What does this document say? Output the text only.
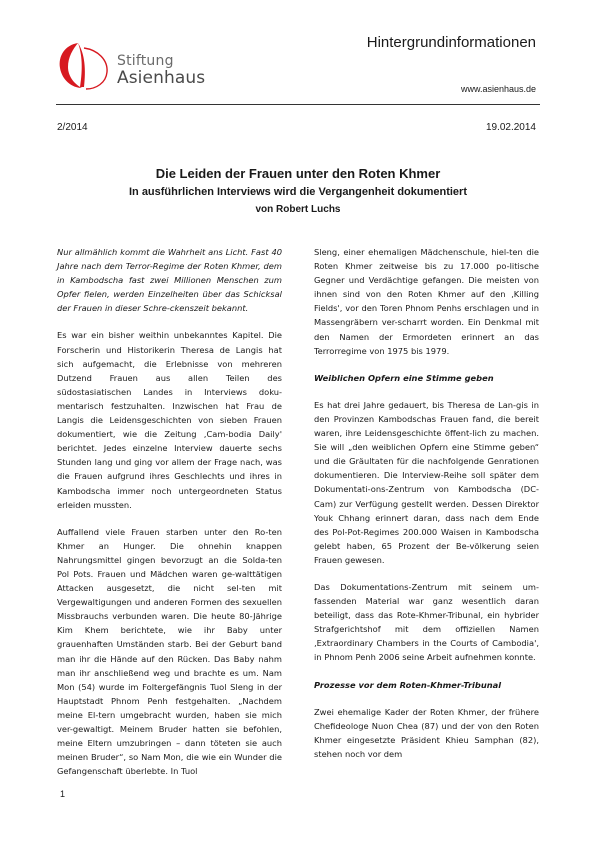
Stiftung
Asienhaus
Hintergrundinformationen
www.asienhaus.de
2/2014	19.02.2014
Die Leiden der Frauen unter den Roten Khmer
In ausführlichen Interviews wird die Vergangenheit dokumentiert
von Robert Luchs

Nur allmählich kommt die Wahrheit ans Licht. Fast 40 Jahre nach dem Terror-Regime der Roten Khmer, dem in Kambodscha fast zwei Millionen Menschen zum Opfer fielen, werden Einzelheiten über das Schicksal der Frauen in dieser Schre-ckenszeit bekannt.

Es war ein bisher weithin unbekanntes Kapitel. Die Forscherin und Historikerin Theresa de Langis hat sich aufgemacht, die Erlebnisse von mehreren Dutzend Frauen aus allen Teilen des südostasiatischen Landes in Interviews doku-mentarisch festzuhalten. Inzwischen hat Frau de Langis die Leidensgeschichten von sieben Frauen dokumentiert, wie die Zeitung ‚Cam-bodia Daily' berichtet. Jedes einzelne Interview dauerte sechs Stunden lang und ging vor allem der Frage nach, was die Frauen aufgrund ihres Geschlechts und ihres in Kambodscha immer noch untergeordneten Status erleiden mussten.

Auffallend viele Frauen starben unter den Ro-ten Khmer an Hunger. Die ohnehin knappen Nahrungsmittel gingen bevorzugt an die Solda-ten Pol Pots. Frauen und Mädchen waren ge-walttätigen Attacken ausgesetzt, die nicht sel-ten mit Vergewaltigungen und anderen Formen des sexuellen Missbrauchs verbunden waren. Die heute 80-Jährige Kim Khem berichtete, wie ihr Baby unter grauenhaften Umständen starb. Bei der Geburt band man ihr die Hände auf den Rücken. Das Baby nahm man ihr anschließend weg und brachte es um. Nam Mon (54) wurde im Foltergefängnis Tuol Sleng in der Hauptstadt Phnom Penh festgehalten. „Nachdem meine El-tern umgebracht wurden, haben sie mich ver-gewaltigt. Meinem Bruder hatten sie befohlen, meine Eltern umzubringen – dann töteten sie auch meinen Bruder“, so Nam Mon, die wie ein Wunder die Gefangenschaft überlebte. In Tuol

Sleng, einer ehemaligen Mädchenschule, hiel-ten die Roten Khmer zeitweise bis zu 17.000 po-litische Gegner und Verdächtige gefangen. Die meisten von ihnen sind von den Roten Khmer auf den ‚Killing Fields', vor den Toren Phnom Penhs erschlagen und in Massengräbern ver-scharrt worden. Ein Denkmal mit den Namen der Ermordeten erinnert an das Terrorregime von 1975 bis 1979.

Weiblichen Opfern eine Stimme geben

Es hat drei Jahre gedauert, bis Theresa de Lan-gis in den Provinzen Kambodschas Frauen fand, die bereit waren, ihre Leidensgeschichte öffent-lich zu machen. Sie will „den weiblichen Opfern eine Stimme geben“ und die Gräultaten für die nachfolgende Genrationen dokumentieren. Die Interview-Reihe soll später dem Dokumentati-ons-Zentrum von Kambodscha (DC-Cam) zur Verfügung gestellt werden. Dessen Direktor Youk Chhang erinnert daran, dass nach dem Ende des Pol-Pot-Regimes 200.000 Waisen in Kambodscha gelebt haben, 65 Prozent der Be-völkerung seien Frauen gewesen.

Das Dokumentations-Zentrum mit seinem um-fassenden Material war ganz wesentlich daran beteiligt, dass das Rote-Khmer-Tribunal, ein hybrider Strafgerichtshof mit dem offiziellen Namen ‚Extraordinary Chambers in the Courts of Cambodia', in Phnom Penh 2006 seine Arbeit aufnehmen konnte.

Prozesse vor dem Roten-Khmer-Tribunal

Zwei ehemalige Kader der Roten Khmer, der frühere Chefideologe Nuon Chea (87) und der von den Roten Khmer eingesetzte Präsident Khieu Samphan (82), stehen noch vor dem

1
